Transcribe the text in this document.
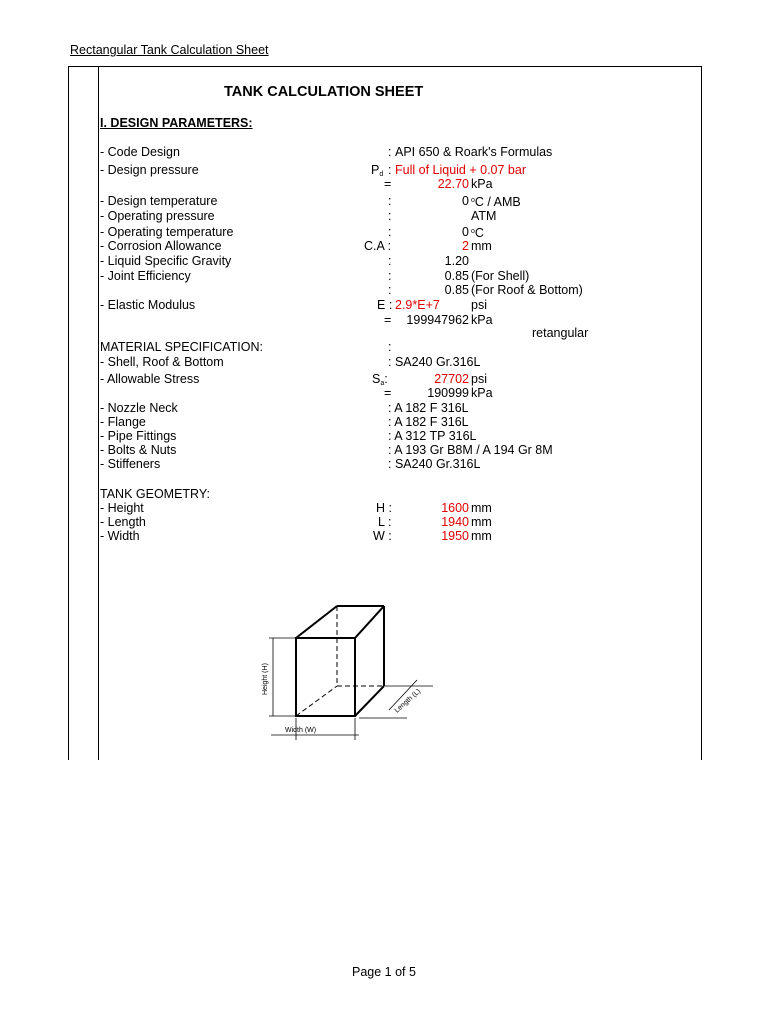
Rectangular Tank Calculation Sheet
TANK CALCULATION SHEET
I. DESIGN PARAMETERS:
- Code Design	: API 650 & Roark's Formulas
- Design pressure	$P_d$ : Full of Liquid + 0.07 bar
=	22.70 kPa
- Design temperature	:	0 $^o$C / AMB
- Operating pressure	:	ATM
- Operating temperature	:	0 $^o$C
- Corrosion Allowance	C.A :	2 mm
- Liquid Specific Gravity	:	1.20
- Joint Efficiency	:	0.85 (For Shell)
:	0.85 (For Roof & Bottom)
- Elastic Modulus	E : 2.9*E+7 psi
=	199947962 kPa
retangular
MATERIAL SPECIFICATION:	:
- Shell, Roof & Bottom	: SA240 Gr.316L
- Allowable Stress	$S_a$:	27702 psi
=	190999 kPa
- Nozzle Neck	: A 182 F 316L
- Flange	: A 182 F 316L
- Pipe Fittings	: A 312 TP 316L
- Bolts & Nuts	: A 193 Gr B8M / A 194 Gr 8M
- Stiffeners	: SA240 Gr.316L
TANK GEOMETRY:
- Height	H :	1600 mm
- Length	L :	1940 mm
- Width	W :	1950 mm
Height (H)
Width (W)
Length (L)
Page 1 of 5
